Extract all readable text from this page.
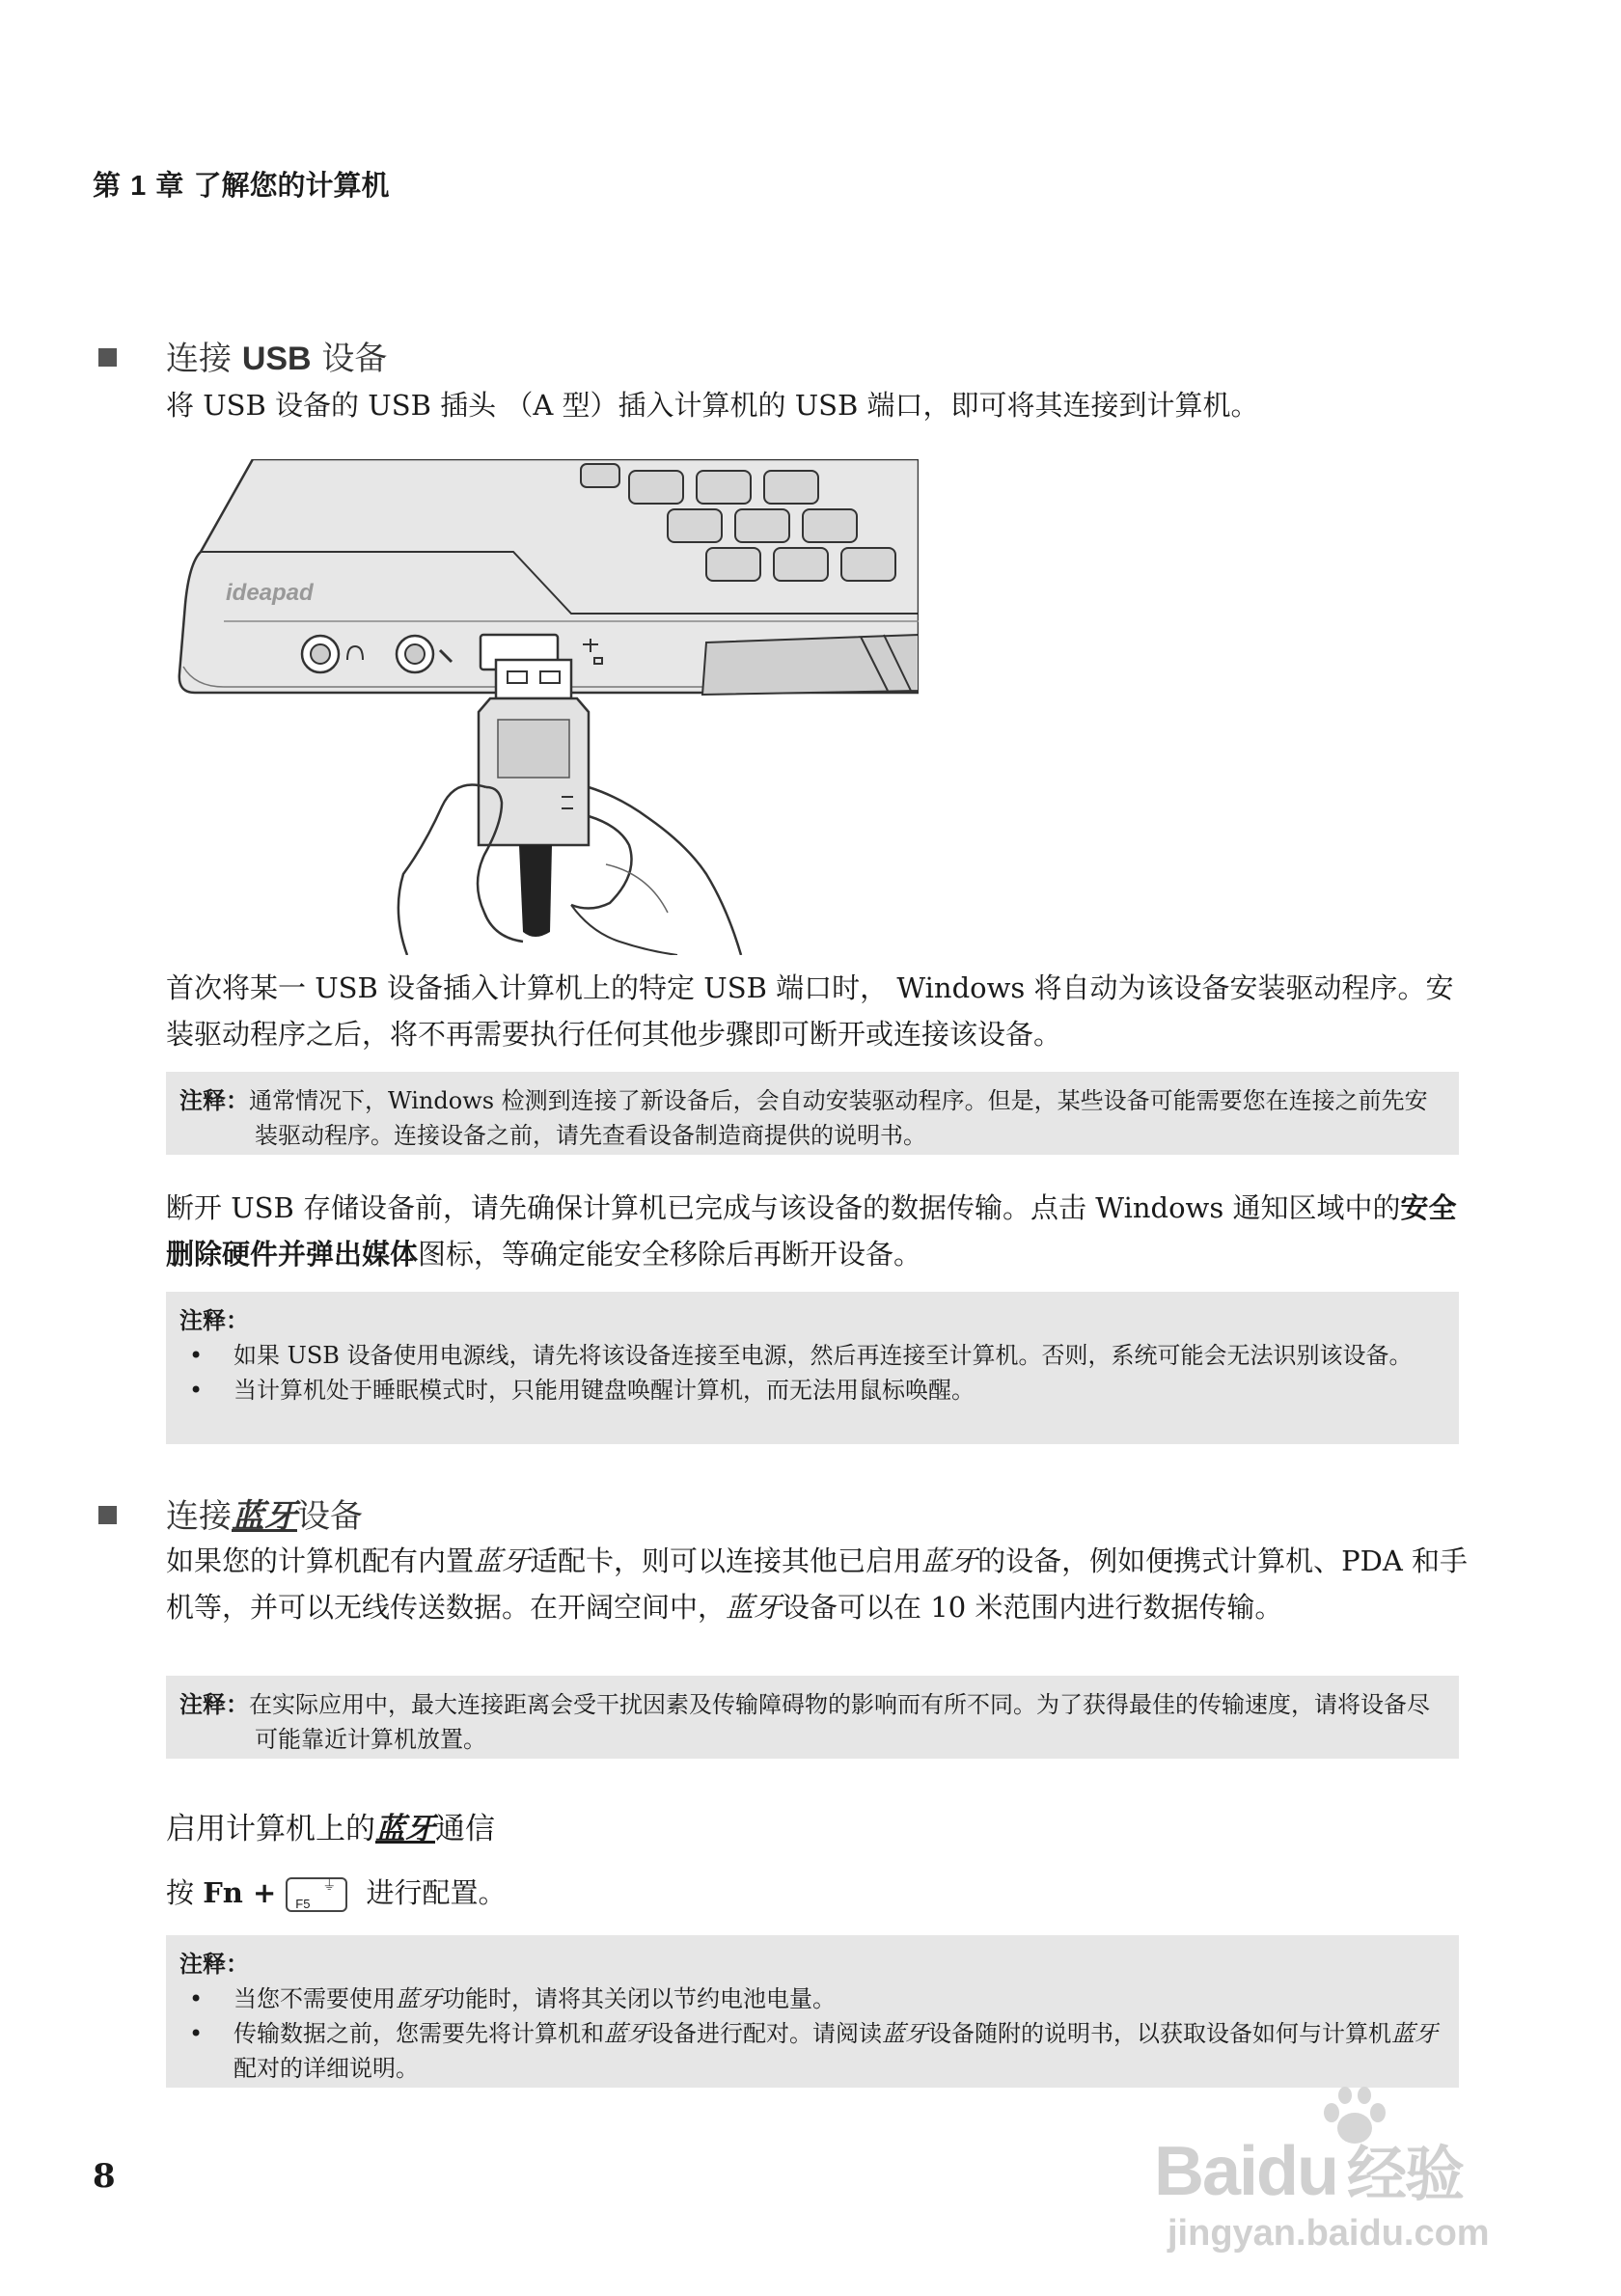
第 1 章 了解您的计算机
连接 USB 设备
将 USB 设备的 USB 插头 （A 型）插入计算机的 USB 端口，即可将其连接到计算机。
ideapad
首次将某一 USB 设备插入计算机上的特定 USB 端口时， Windows 将自动为该设备安装驱动程序。安装驱动程序之后，将不再需要执行任何其他步骤即可断开或连接该设备。
注释：通常情况下，Windows 检测到连接了新设备后，会自动安装驱动程序。但是，某些设备可能需要您在连接之前先安装驱动程序。连接设备之前，请先查看设备制造商提供的说明书。
断开 USB 存储设备前，请先确保计算机已完成与该设备的数据传输。点击 Windows 通知区域中的安全删除硬件并弹出媒体图标，等确定能安全移除后再断开设备。
注释：
• 如果 USB 设备使用电源线，请先将该设备连接至电源，然后再连接至计算机。否则，系统可能会无法识别该设备。
• 当计算机处于睡眠模式时，只能用键盘唤醒计算机，而无法用鼠标唤醒。
连接蓝牙设备
如果您的计算机配有内置蓝牙适配卡，则可以连接其他已启用蓝牙的设备，例如便携式计算机、PDA 和手机等，并可以无线传送数据。在开阔空间中，蓝牙设备可以在 10 米范围内进行数据传输。
注释：在实际应用中，最大连接距离会受干扰因素及传输障碍物的影响而有所不同。为了获得最佳的传输速度，请将设备尽可能靠近计算机放置。
启用计算机上的蓝牙通信
按 Fn + F5
⏚ 进行配置。
注释：
• 当您不需要使用蓝牙功能时，请将其关闭以节约电池电量。
• 传输数据之前，您需要先将计算机和蓝牙设备进行配对。请阅读蓝牙设备随附的说明书，以获取设备如何与计算机蓝牙配对的详细说明。
8	Baidu 经验
jingyan.baidu.com
